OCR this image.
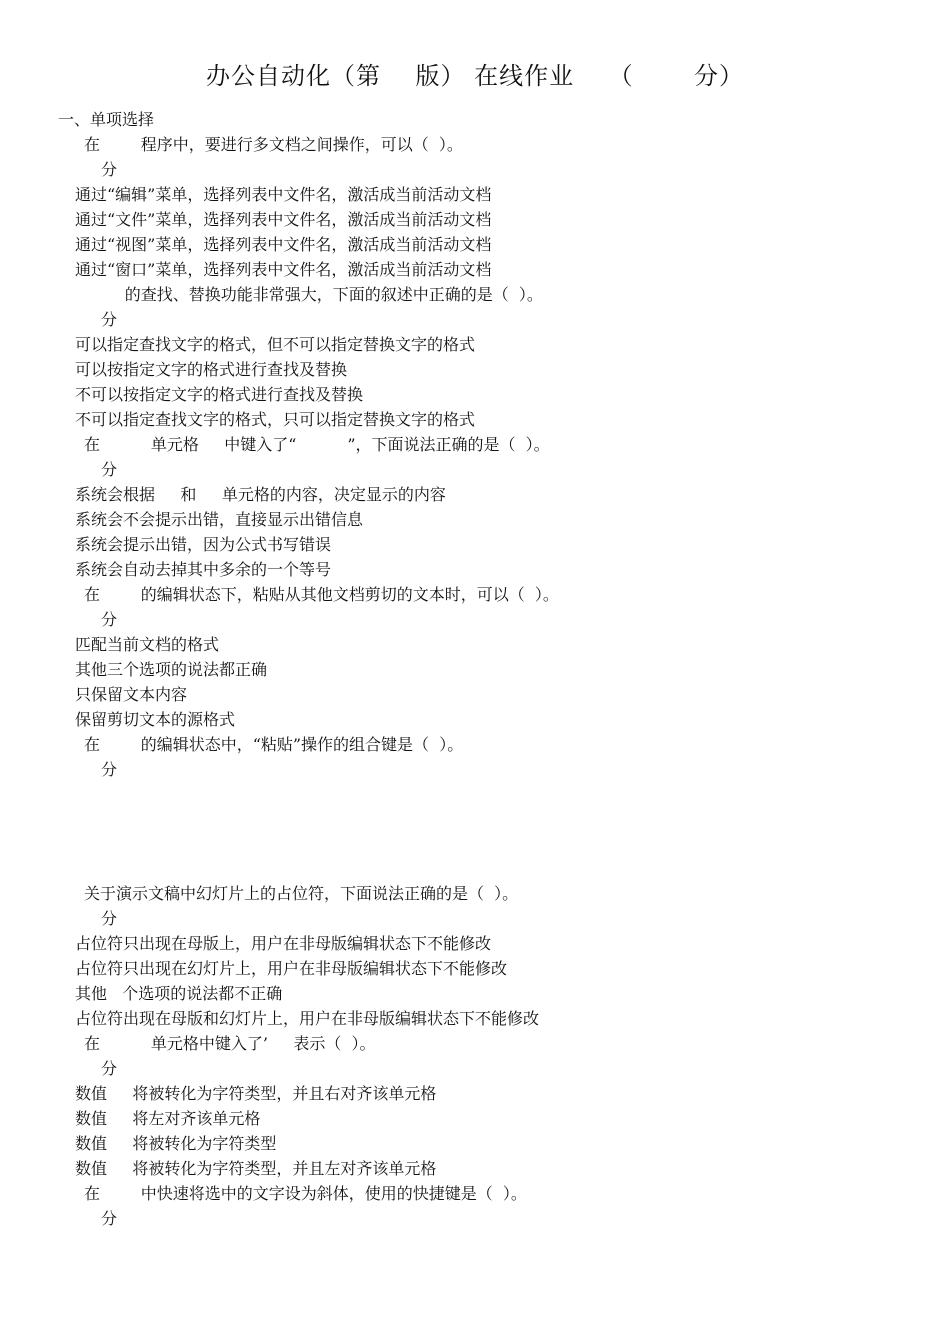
办公自动化（第    版） 在线作业    （       分）
一、单项选择
在        程序中，要进行多文档之间操作，可以（  ）。
分
通过“编辑”菜单，选择列表中文件名，激活成当前活动文档
通过“文件”菜单，选择列表中文件名，激活成当前活动文档
通过“视图”菜单，选择列表中文件名，激活成当前活动文档
通过“窗口”菜单，选择列表中文件名，激活成当前活动文档
的查找、替换功能非常强大，下面的叙述中正确的是（  ）。
分
可以指定查找文字的格式，但不可以指定替换文字的格式
可以按指定文字的格式进行查找及替换
不可以按指定文字的格式进行查找及替换
不可以指定查找文字的格式，只可以指定替换文字的格式
在          单元格     中键入了“          ”，下面说法正确的是（  ）。
分
系统会根据     和     单元格的内容，决定显示的内容
系统会不会提示出错，直接显示出错信息
系统会提示出错，因为公式书写错误
系统会自动去掉其中多余的一个等号
在        的编辑状态下，粘贴从其他文档剪切的文本时，可以（  ）。
分
匹配当前文档的格式
其他三个选项的说法都正确
只保留文本内容
保留剪切文本的源格式
在        的编辑状态中，“粘贴”操作的组合键是（  ）。
分
关于演示文稿中幻灯片上的占位符，下面说法正确的是（  ）。
分
占位符只出现在母版上，用户在非母版编辑状态下不能修改
占位符只出现在幻灯片上，用户在非母版编辑状态下不能修改
其他   个选项的说法都不正确
占位符出现在母版和幻灯片上，用户在非母版编辑状态下不能修改
在          单元格中键入了’     表示（  ）。
分
数值     将被转化为字符类型，并且右对齐该单元格
数值     将左对齐该单元格
数值     将被转化为字符类型
数值     将被转化为字符类型，并且左对齐该单元格
在        中快速将选中的文字设为斜体，使用的快捷键是（  ）。
分
